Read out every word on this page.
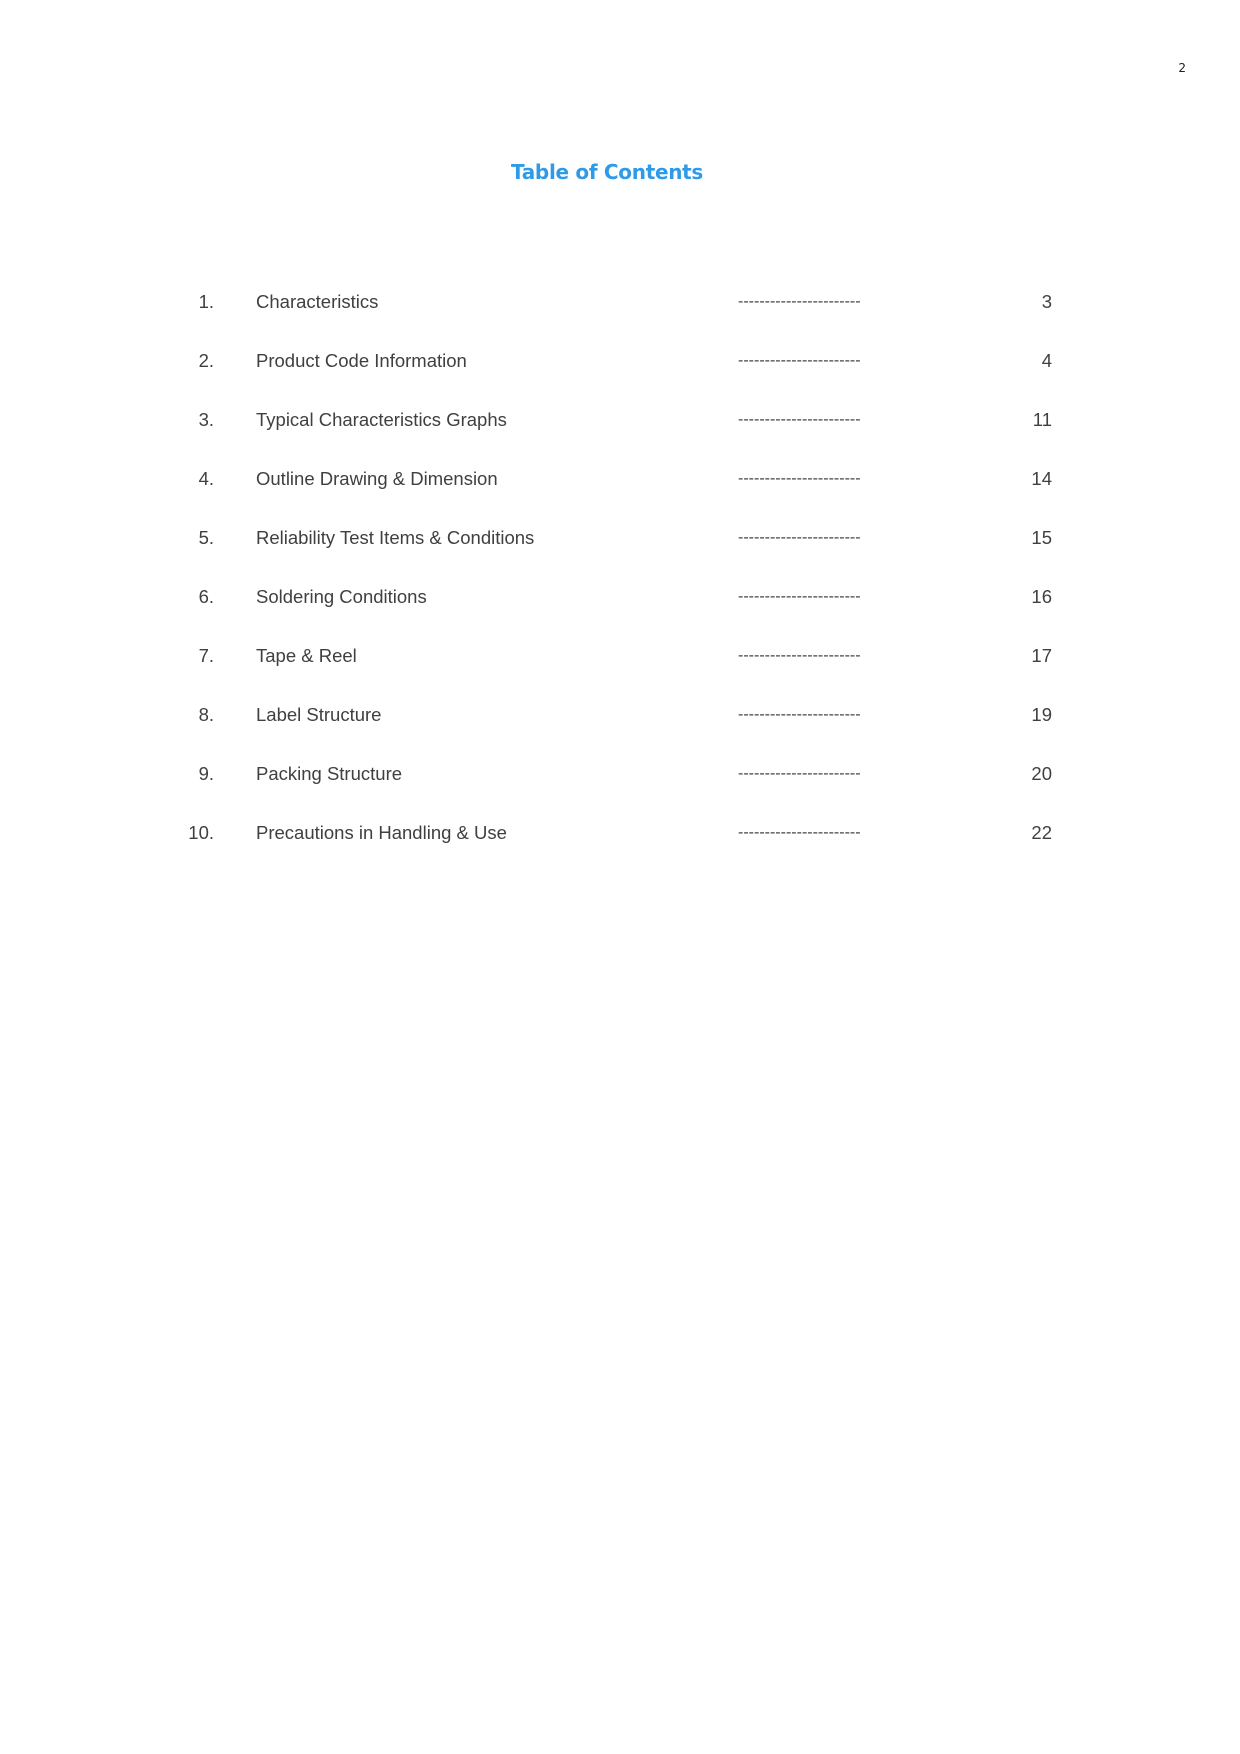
2
Table of Contents
1. Characteristics	-----------------------	3
2. Product Code Information	-----------------------	4
3. Typical Characteristics Graphs	-----------------------	11
4. Outline Drawing & Dimension	-----------------------	14
5. Reliability Test Items & Conditions	-----------------------	15
6. Soldering Conditions	-----------------------	16
7. Tape & Reel	-----------------------	17
8. Label Structure	-----------------------	19
9. Packing Structure	-----------------------	20
10. Precautions in Handling & Use	-----------------------	22
